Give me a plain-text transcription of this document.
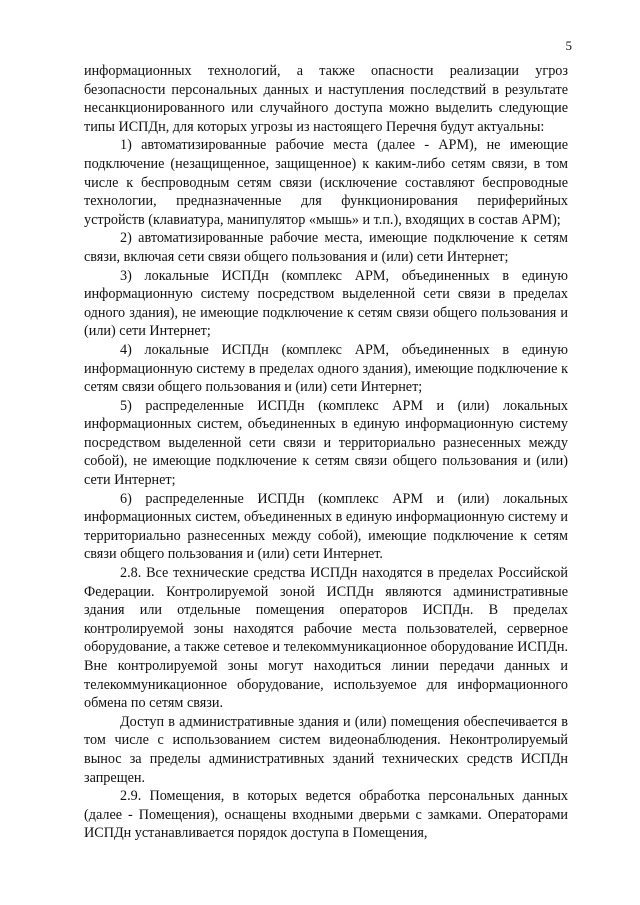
5

информационных технологий, а также опасности реализации угроз безопасности персональных данных и наступления последствий в результате несанкционированного или случайного доступа можно выделить следующие типы ИСПДн, для которых угрозы из настоящего Перечня будут актуальны:

1) автоматизированные рабочие места (далее - АРМ), не имеющие подключение (незащищенное, защищенное) к каким-либо сетям связи, в том числе к беспроводным сетям связи (исключение составляют беспроводные технологии, предназначенные для функционирования периферийных устройств (клавиатура, манипулятор «мышь» и т.п.), входящих в состав АРМ);

2) автоматизированные рабочие места, имеющие подключение к сетям связи, включая сети связи общего пользования и (или) сети Интернет;

3) локальные ИСПДн (комплекс АРМ, объединенных в единую информационную систему посредством выделенной сети связи в пределах одного здания), не имеющие подключение к сетям связи общего пользования и (или) сети Интернет;

4) локальные ИСПДн (комплекс АРМ, объединенных в единую информационную систему в пределах одного здания), имеющие подключение к сетям связи общего пользования и (или) сети Интернет;

5) распределенные ИСПДн (комплекс АРМ и (или) локальных информационных систем, объединенных в единую информационную систему посредством выделенной сети связи и территориально разнесенных между собой), не имеющие подключение к сетям связи общего пользования и (или) сети Интернет;

6) распределенные ИСПДн (комплекс АРМ и (или) локальных информационных систем, объединенных в единую информационную систему и территориально разнесенных между собой), имеющие подключение к сетям связи общего пользования и (или) сети Интернет.

2.8. Все технические средства ИСПДн находятся в пределах Российской Федерации. Контролируемой зоной ИСПДн являются административные здания или отдельные помещения операторов ИСПДн. В пределах контролируемой зоны находятся рабочие места пользователей, серверное оборудование, а также сетевое и телекоммуникационное оборудование ИСПДн. Вне контролируемой зоны могут находиться линии передачи данных и телекоммуникационное оборудование, используемое для информационного обмена по сетям связи.

Доступ в административные здания и (или) помещения обеспечивается в том числе с использованием систем видеонаблюдения. Неконтролируемый вынос за пределы административных зданий технических средств ИСПДн запрещен.

2.9. Помещения, в которых ведется обработка персональных данных (далее - Помещения), оснащены входными дверьми с замками. Операторами ИСПДн устанавливается порядок доступа в Помещения,
